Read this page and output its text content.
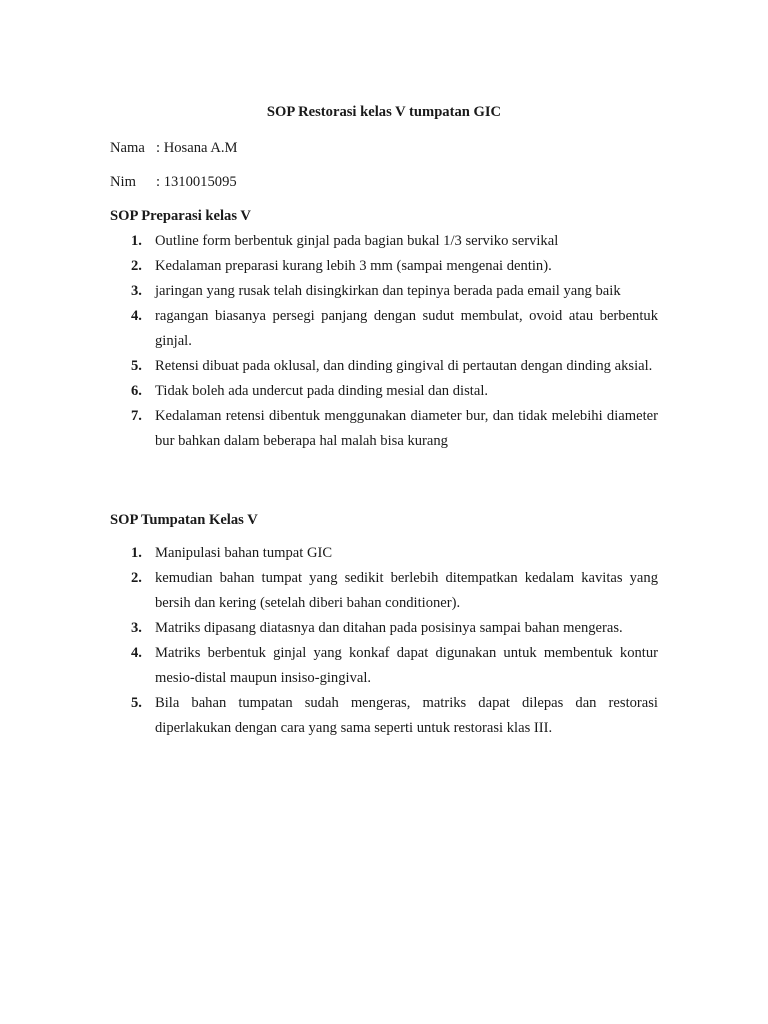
SOP Restorasi kelas V tumpatan GIC
Nama : Hosana A.M
Nim : 1310015095
SOP Preparasi kelas V
1. Outline form berbentuk ginjal pada bagian bukal 1/3 serviko servikal
2. Kedalaman preparasi kurang lebih 3 mm (sampai mengenai dentin).
3. jaringan yang rusak telah disingkirkan dan tepinya berada pada email yang baik
4. ragangan biasanya persegi panjang dengan sudut membulat, ovoid atau berbentuk ginjal.
5. Retensi dibuat pada oklusal, dan dinding gingival di pertautan dengan dinding aksial.
6. Tidak boleh ada undercut pada dinding mesial dan distal.
7. Kedalaman retensi dibentuk menggunakan diameter bur, dan tidak melebihi diameter bur bahkan dalam beberapa hal malah bisa kurang
SOP Tumpatan Kelas V
1. Manipulasi bahan tumpat GIC
2. kemudian bahan tumpat yang sedikit berlebih ditempatkan kedalam kavitas yang bersih dan kering (setelah diberi bahan conditioner).
3. Matriks dipasang diatasnya dan ditahan pada posisinya sampai bahan mengeras.
4. Matriks berbentuk ginjal yang konkaf dapat digunakan untuk membentuk kontur mesio-distal maupun insiso-gingival.
5. Bila bahan tumpatan sudah mengeras, matriks dapat dilepas dan restorasi diperlakukan dengan cara yang sama seperti untuk restorasi klas III.
